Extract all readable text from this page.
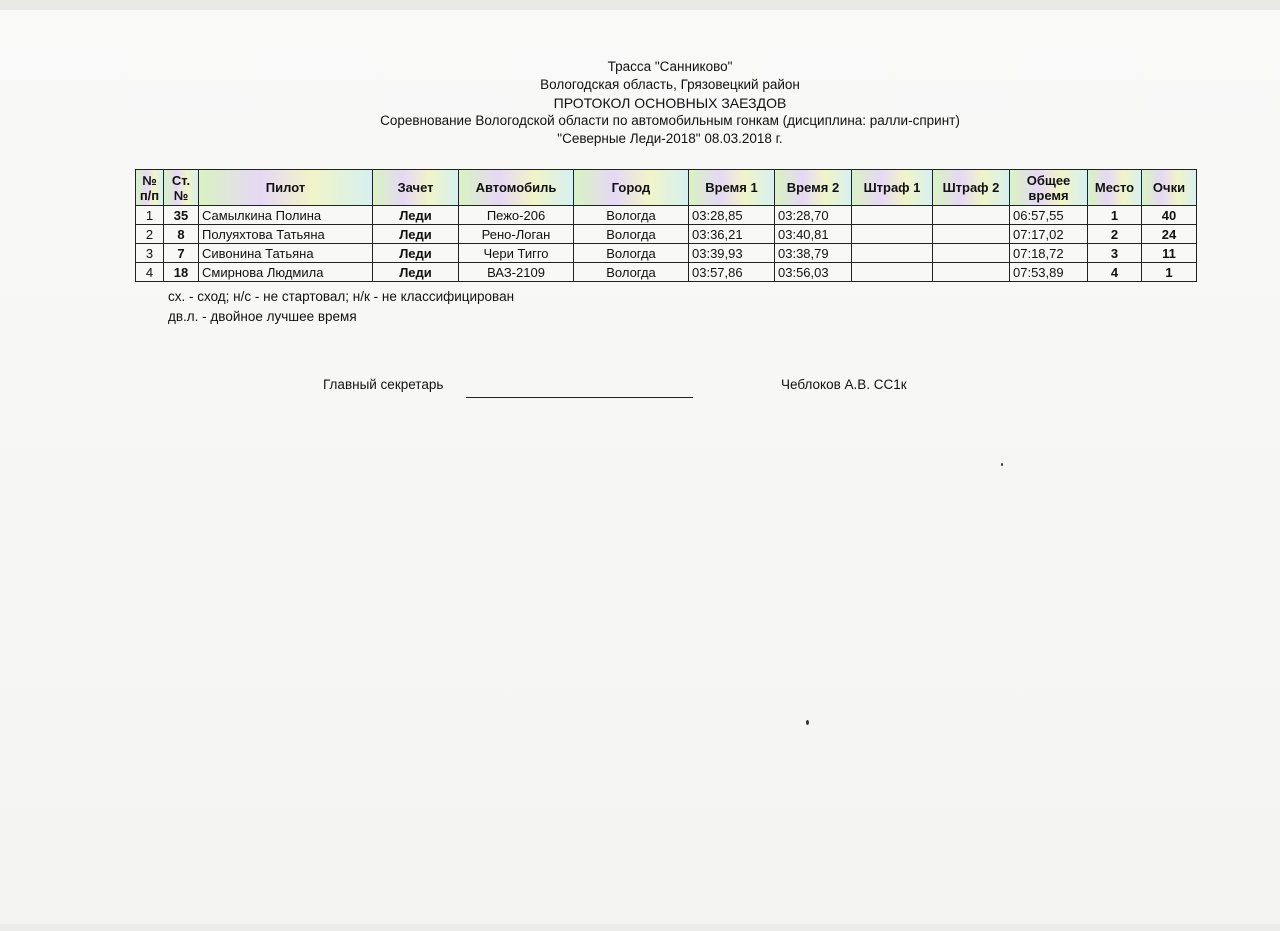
Трасса "Санниково"
Вологодская область, Грязовецкий район
ПРОТОКОЛ ОСНОВНЫХ ЗАЕЗДОВ
Соревнование Вологодской области по автомобильным гонкам (дисциплина: ралли-спринт)
"Северные Леди-2018" 08.03.2018 г.
№ п/п	Ст. №	Пилот	Зачет	Автомобиль	Город	Время 1	Время 2	Штраф 1	Штраф 2	Общее время	Место	Очки
1	35	Самылкина Полина	Леди	Пежо-206	Вологда	03:28,85	03:28,70			06:57,55	1	40
2	8	Полуяхтова Татьяна	Леди	Рено-Логан	Вологда	03:36,21	03:40,81			07:17,02	2	24
3	7	Сивонина Татьяна	Леди	Чери Тигго	Вологда	03:39,93	03:38,79			07:18,72	3	11
4	18	Смирнова Людмила	Леди	ВАЗ-2109	Вологда	03:57,86	03:56,03			07:53,89	4	1
сх. - сход; н/с - не стартовал; н/к - не классифицирован
дв.л. - двойное лучшее время
Главный секретарь	Чеблоков А.В. СС1к
